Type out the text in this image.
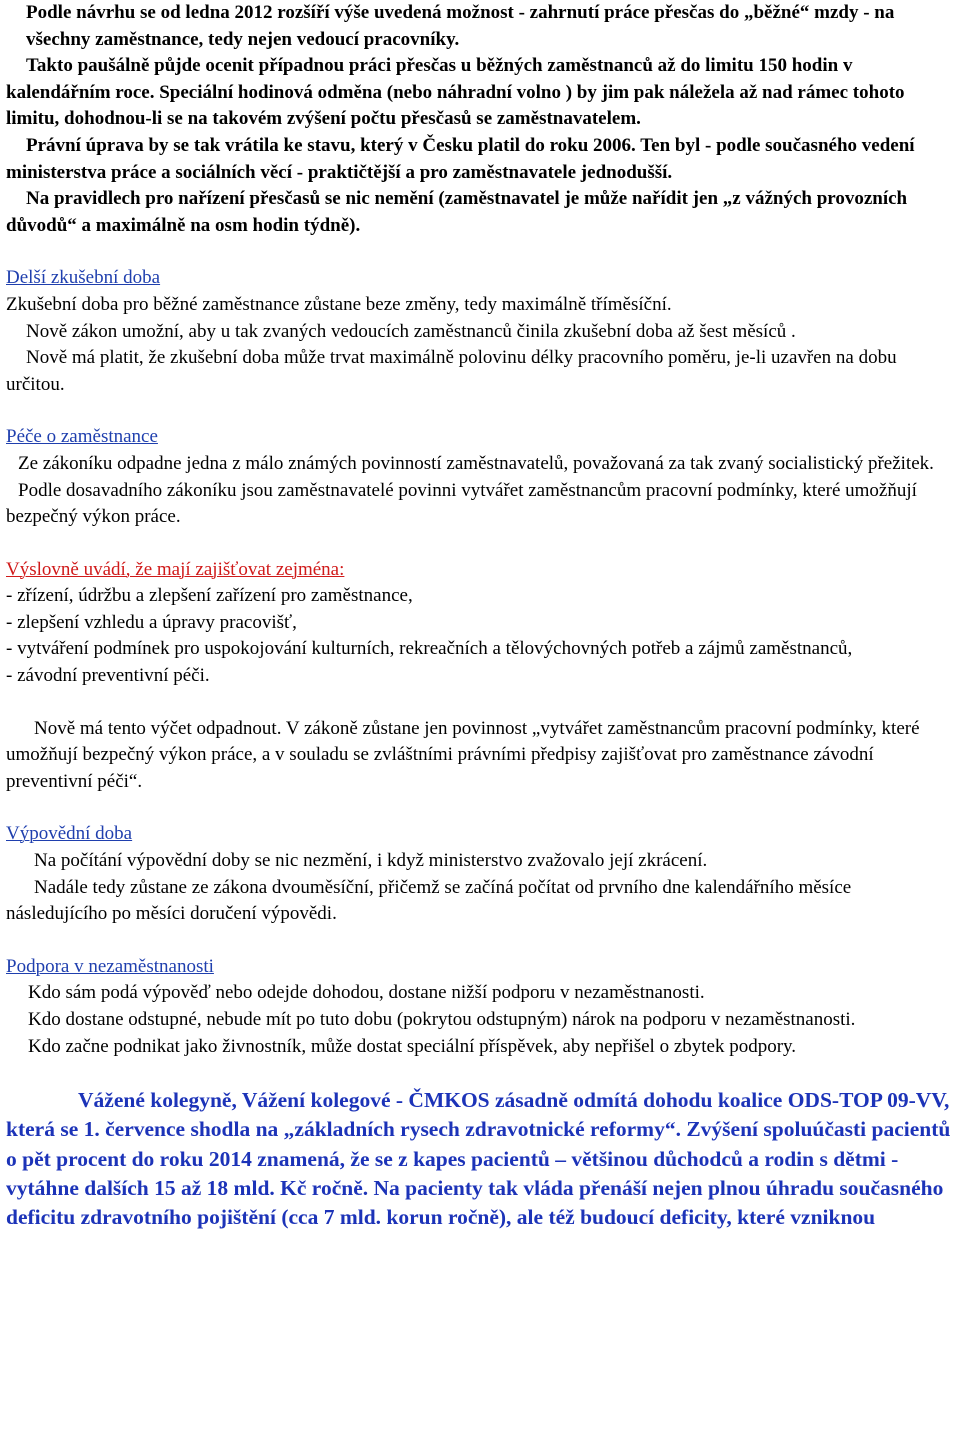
Podle návrhu se od ledna 2012 rozšíří výše uvedená možnost - zahrnutí práce přesčas do „běžné“ mzdy - na všechny zaměstnance, tedy nejen vedoucí pracovníky.

Takto paušálně půjde ocenit případnou práci přesčas u běžných zaměstnanců až do limitu 150 hodin v kalendářním roce. Speciální hodinová odměna (nebo náhradní volno ) by jim pak náležela až nad rámec tohoto limitu, dohodnou-li se na takovém zvýšení počtu přesčasů se zaměstnavatelem.

Právní úprava by se tak vrátila ke stavu, který v Česku platil do roku 2006. Ten byl - podle současného vedení ministerstva práce a sociálních věcí - praktičtější a pro zaměstnavatele jednodušší.

Na pravidlech pro nařízení přesčasů se nic nemění (zaměstnavatel je může nařídit jen „z vážných provozních důvodů“ a maximálně na osm hodin týdně).

Delší zkušební doba

Zkušební doba pro běžné zaměstnance zůstane beze změny, tedy maximálně tříměsíční.

Nově zákon umožní, aby u tak zvaných vedoucích zaměstnanců činila zkušební doba až šest měsíců .

Nově má platit, že zkušební doba může trvat maximálně polovinu délky pracovního poměru, je-li uzavřen na dobu určitou.

Péče o zaměstnance

Ze zákoníku odpadne jedna z málo známých povinností zaměstnavatelů, považovaná za tak zvaný socialistický přežitek.

Podle dosavadního zákoníku jsou zaměstnavatelé povinni vytvářet zaměstnancům pracovní podmínky, které umožňují bezpečný výkon práce.

Výslovně uvádí, že mají zajišťovat zejména:

- zřízení, údržbu a zlepšení zařízení pro zaměstnance,

- zlepšení vzhledu a úpravy pracovišť,

- vytváření podmínek pro uspokojování kulturních, rekreačních a tělovýchovných potřeb a zájmů zaměstnanců,

- závodní preventivní péči.

Nově má tento výčet odpadnout. V zákoně zůstane jen povinnost „vytvářet zaměstnancům pracovní podmínky, které umožňují bezpečný výkon práce, a v souladu se zvláštními právními předpisy zajišťovat pro zaměstnance závodní preventivní péči“.

Výpovědní doba

Na počítání výpovědní doby se nic nezmění, i když ministerstvo zvažovalo její zkrácení.

Nadále tedy zůstane ze zákona dvouměsíční, přičemž se začíná počítat od prvního dne kalendářního měsíce následujícího po měsíci doručení výpovědi.

Podpora v nezaměstnanosti

Kdo sám podá výpověď nebo odejde dohodou, dostane nižší podporu v nezaměstnanosti.

Kdo dostane odstupné, nebude mít po tuto dobu (pokrytou odstupným) nárok na podporu v nezaměstnanosti.

Kdo začne podnikat jako živnostník, může dostat speciální příspěvek, aby nepřišel o zbytek podpory.

Vážené kolegyně, Vážení kolegové - ČMKOS zásadně odmítá dohodu koalice ODS-TOP 09-VV, která se 1. července shodla na „základních rysech zdravotnické reformy“. Zvýšení spoluúčasti pacientů o pět procent do roku 2014 znamená, že se z kapes pacientů – většinou důchodců a rodin s dětmi - vytáhne dalších 15 až 18 mld. Kč ročně. Na pacienty tak vláda přenáší nejen plnou úhradu současného deficitu zdravotního pojištění (cca 7 mld. korun ročně), ale též budoucí deficity, které vzniknou
